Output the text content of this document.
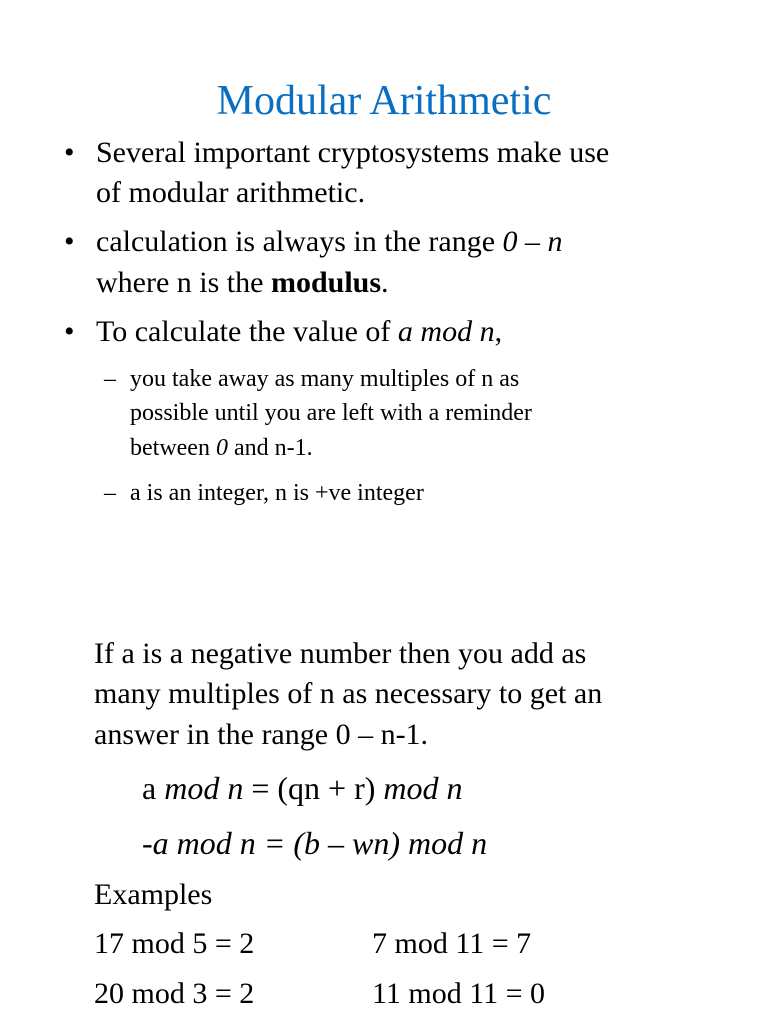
Modular Arithmetic
• Several important cryptosystems make use
of modular arithmetic.
• calculation is always in the range 0 – n
where n is the modulus.
• To calculate the value of a mod n,
– you take away as many multiples of n as
possible until you are left with a reminder
between 0 and n-1.
– a is an integer, n is +ve integer
If a is a negative number then you add as
many multiples of n as necessary to get an
answer in the range 0 – n-1.
a mod n = (qn + r) mod n
-a mod n = (b – wn) mod n
Examples
17 mod 5 = 2	7 mod 11 = 7
20 mod 3 = 2	11 mod 11 = 0
